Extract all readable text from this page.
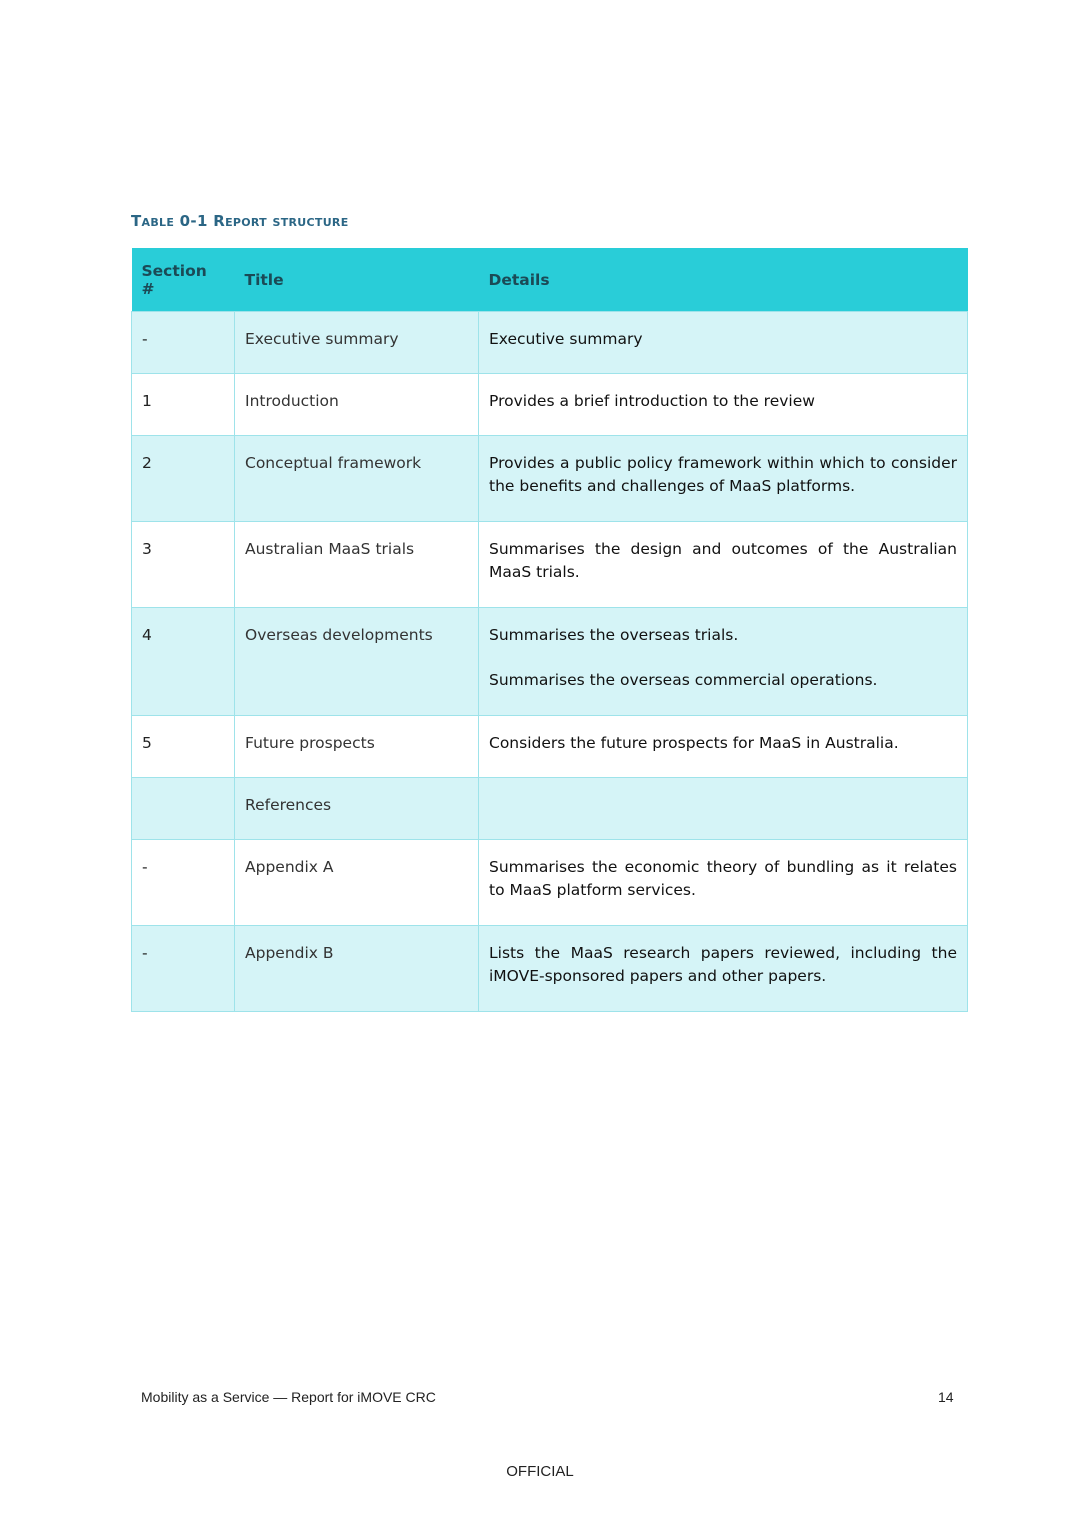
Table 0-1 Report structure
Section #	Title	Details
-	Executive summary	Executive summary

1	Introduction	Provides a brief introduction to the review

2	Conceptual framework	Provides a public policy framework within which to consider the benefits and challenges of MaaS platforms.

3	Australian MaaS trials	Summarises the design and outcomes of the Australian MaaS trials.

4	Overseas developments	Summarises the overseas trials.
Summarises the overseas commercial operations.

5	Future prospects	Considers the future prospects for MaaS in Australia.

	References	

-	Appendix A	Summarises the economic theory of bundling as it relates to MaaS platform services.

-	Appendix B	Lists the MaaS research papers reviewed, including the iMOVE-sponsored papers and other papers.
Mobility as a Service — Report for iMOVE CRC	14
OFFICIAL
